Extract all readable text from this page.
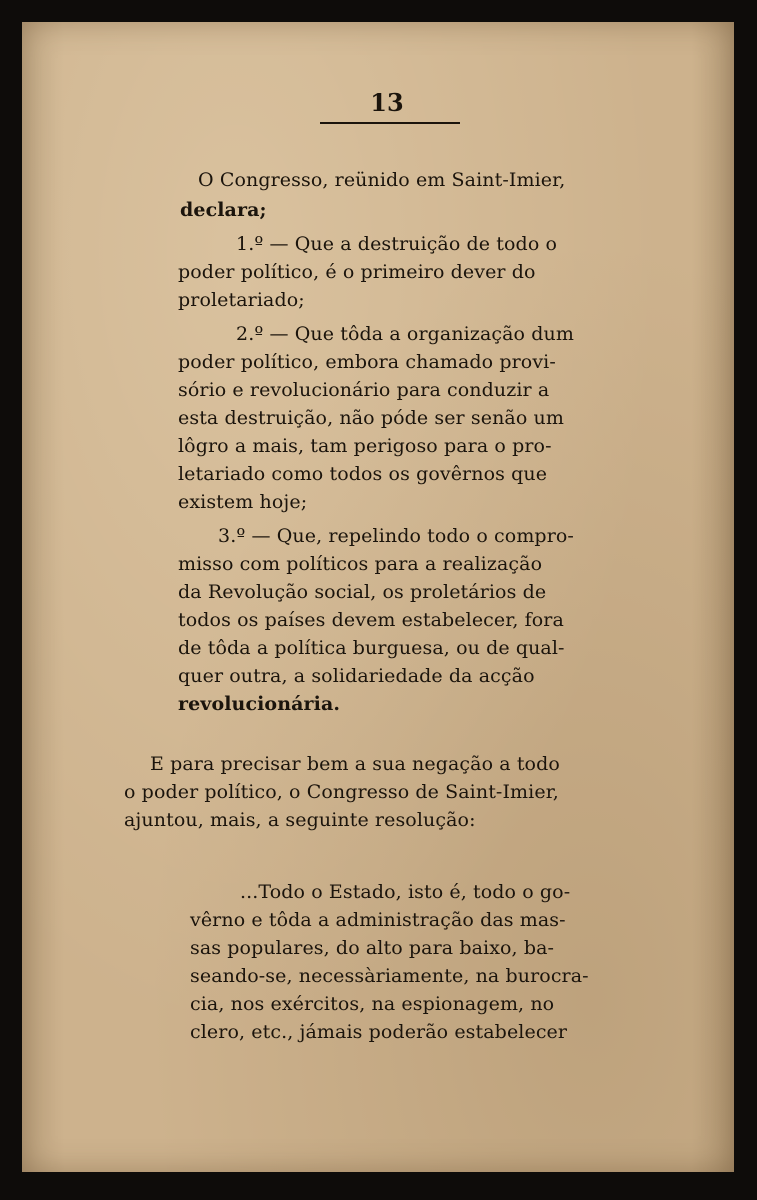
13
O Congresso, reünido em Saint-Imier,
declara;
1.º — Que a destruição de todo o
poder político, é o primeiro dever do
proletariado;
2.º — Que tôda a organização dum
poder político, embora chamado provi-
sório e revolucionário para conduzir a
esta destruição, não póde ser senão um
lôgro a mais, tam perigoso para o pro-
letariado como todos os govêrnos que
existem hoje;
3.º — Que, repelindo todo o compro-
misso com políticos para a realização
da Revolução social, os proletários de
todos os países devem estabelecer, fora
de tôda a política burguesa, ou de qual-
quer outra, a solidariedade da acção
revolucionária.
E para precisar bem a sua negação a todo
o poder político, o Congresso de Saint-Imier,
ajuntou, mais, a seguinte resolução:
...Todo o Estado, isto é, todo o go-
vêrno e tôda a administração das mas-
sas populares, do alto para baixo, ba-
seando-se, necessàriamente, na burocra-
cia, nos exércitos, na espionagem, no
clero, etc., jámais poderão estabelecer
